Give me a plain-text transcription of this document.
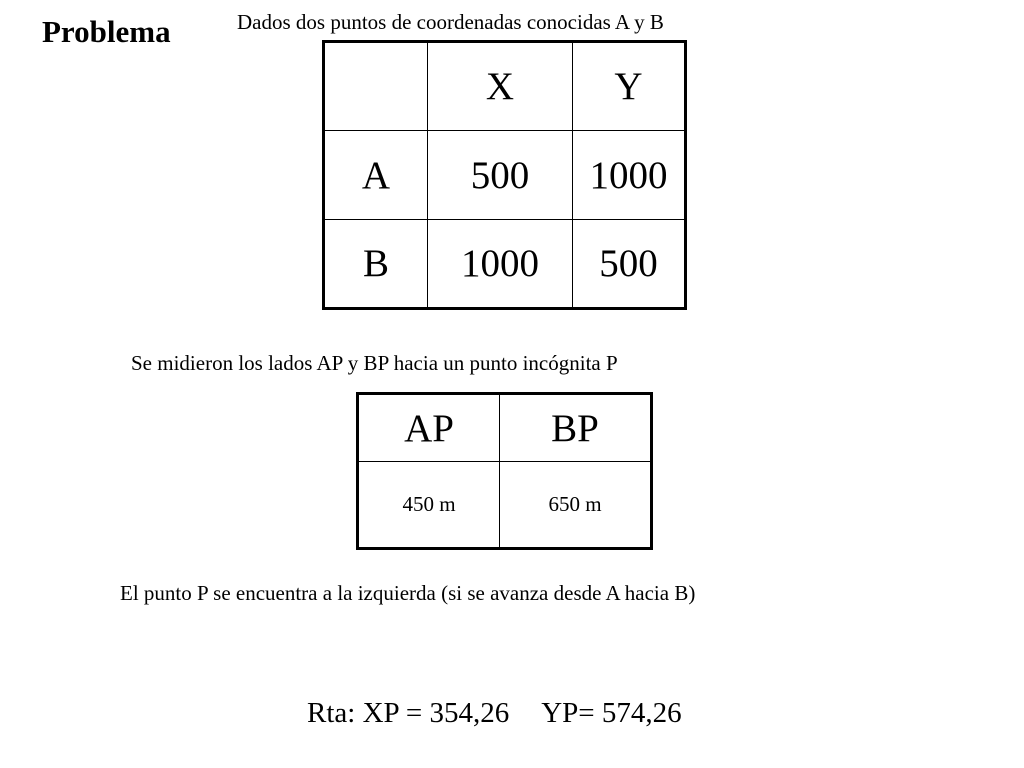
Problema	Dados dos puntos de coordenadas conocidas A y B
	X	Y
A	500	1000
B	1000	500
Se midieron los lados AP y BP hacia un punto incógnita P
AP	BP
450 m	650 m
El punto P se encuentra a la izquierda (si se avanza desde A hacia B)
Rta: XP = 354,26 YP= 574,26
